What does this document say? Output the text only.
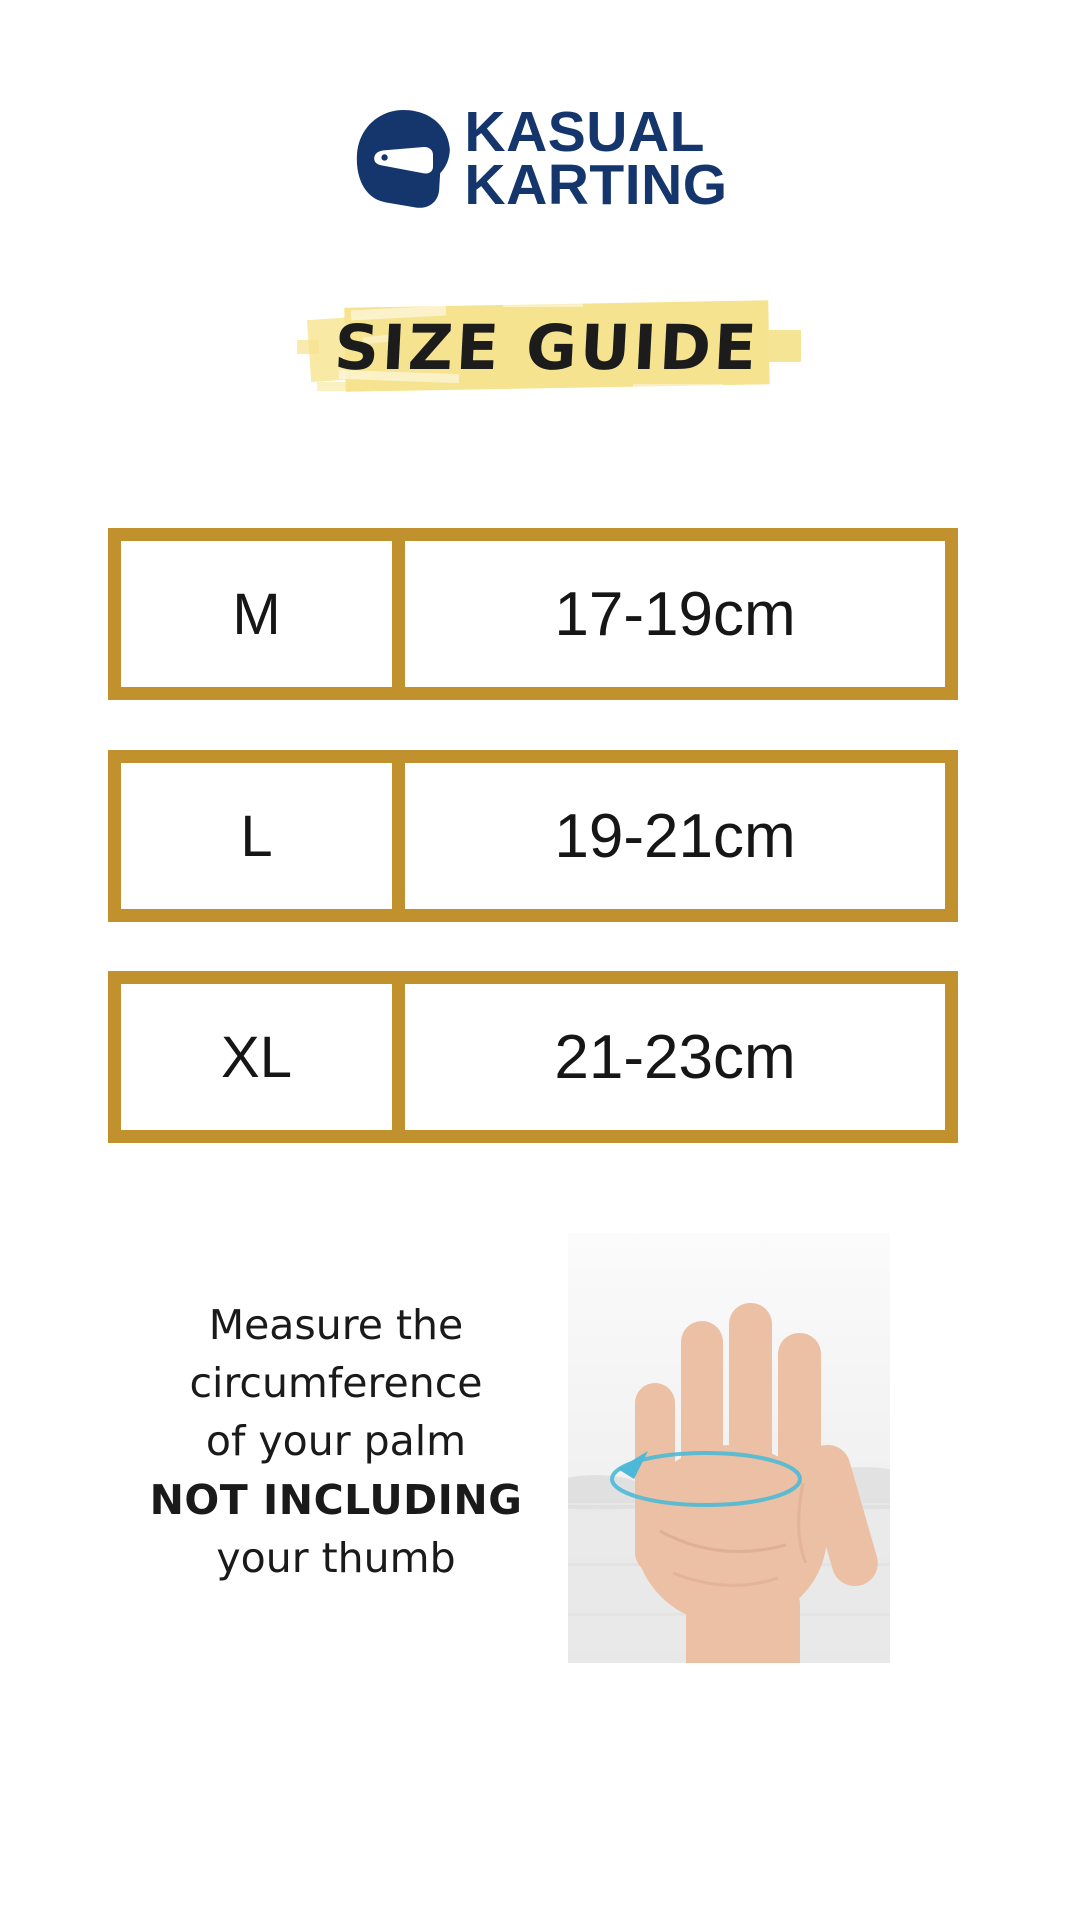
KASUAL
KARTING
SIZE GUIDE
M	17-19cm
L	19-21cm
XL	21-23cm
Measure the
circumference
of your palm
NOT INCLUDING
your thumb
